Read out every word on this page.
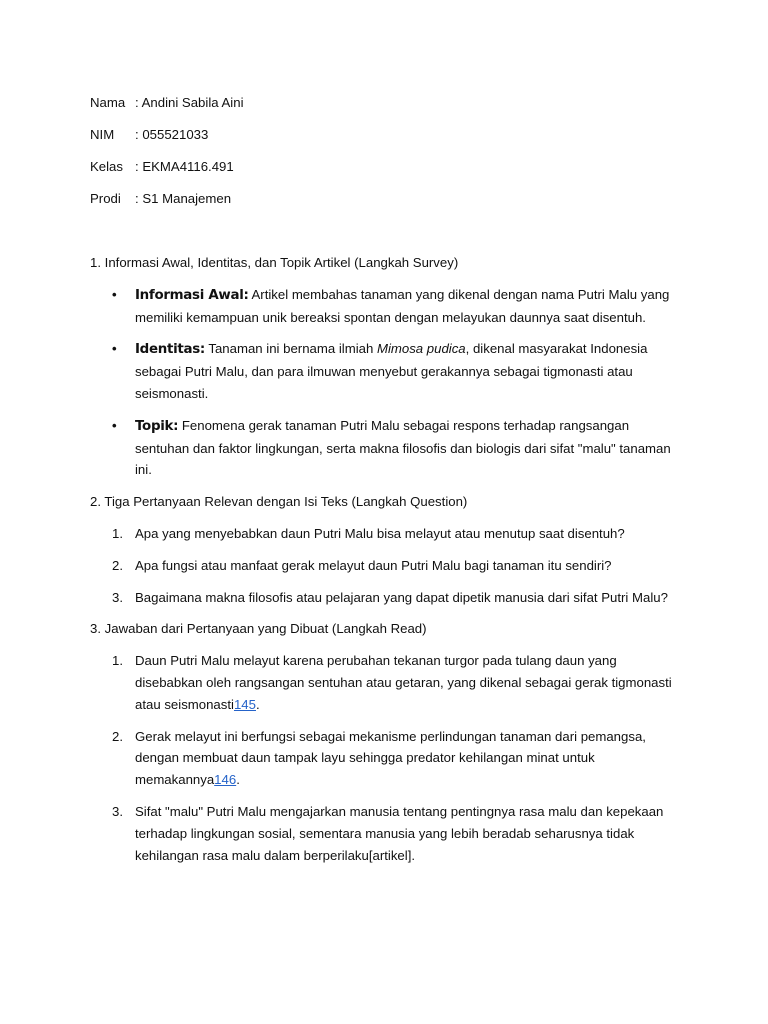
Nama : Andini Sabila Aini
NIM	: 055521033
Kelas : EKMA4116.491
Prodi	: S1 Manajemen

1. Informasi Awal, Identitas, dan Topik Artikel (Langkah Survey)

• Informasi Awal: Artikel membahas tanaman yang dikenal dengan nama Putri Malu yang memiliki kemampuan unik bereaksi spontan dengan melayukan daunnya saat disentuh.
• Identitas: Tanaman ini bernama ilmiah Mimosa pudica, dikenal masyarakat Indonesia sebagai Putri Malu, dan para ilmuwan menyebut gerakannya sebagai tigmonasti atau seismonasti.
• Topik: Fenomena gerak tanaman Putri Malu sebagai respons terhadap rangsangan sentuhan dan faktor lingkungan, serta makna filosofis dan biologis dari sifat "malu" tanaman ini.

2. Tiga Pertanyaan Relevan dengan Isi Teks (Langkah Question)

1. Apa yang menyebabkan daun Putri Malu bisa melayut atau menutup saat disentuh?
2. Apa fungsi atau manfaat gerak melayut daun Putri Malu bagi tanaman itu sendiri?
3. Bagaimana makna filosofis atau pelajaran yang dapat dipetik manusia dari sifat Putri Malu?

3. Jawaban dari Pertanyaan yang Dibuat (Langkah Read)

1. Daun Putri Malu melayut karena perubahan tekanan turgor pada tulang daun yang disebabkan oleh rangsangan sentuhan atau getaran, yang dikenal sebagai gerak tigmonasti atau seismonasti145.
2. Gerak melayut ini berfungsi sebagai mekanisme perlindungan tanaman dari pemangsa, dengan membuat daun tampak layu sehingga predator kehilangan minat untuk memakannya146.
3. Sifat "malu" Putri Malu mengajarkan manusia tentang pentingnya rasa malu dan kepekaan terhadap lingkungan sosial, sementara manusia yang lebih beradab seharusnya tidak kehilangan rasa malu dalam berperilaku[artikel].
